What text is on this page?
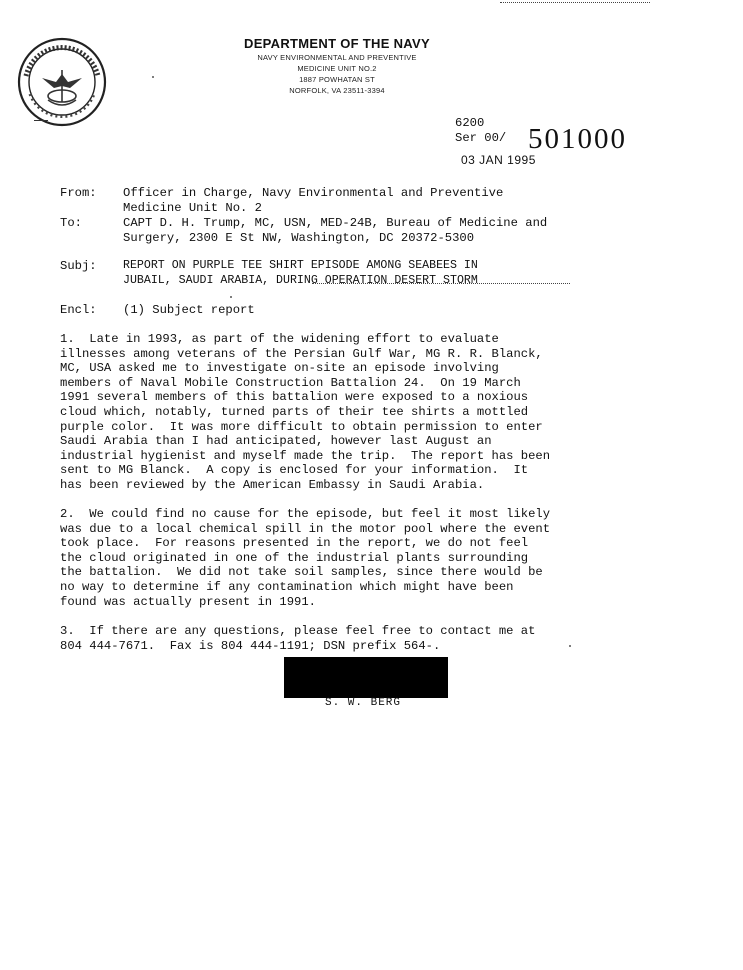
DEPARTMENT OF THE NAVY
NAVY ENVIRONMENTAL AND PREVENTIVE
MEDICINE UNIT NO.2
1887 POWHATAN ST
NORFOLK, VA 23511-3394
6200
Ser 00/ 501000
03 JAN 1995
From: Officer in Charge, Navy Environmental and Preventive
Medicine Unit No. 2
To:	CAPT D. H. Trump, MC, USN, MED-24B, Bureau of Medicine and
Surgery, 2300 E St NW, Washington, DC 20372-5300
Subj: REPORT ON PURPLE TEE SHIRT EPISODE AMONG SEABEES IN
JUBAIL, SAUDI ARABIA, DURING OPERATION DESERT STORM
Encl: (1) Subject report
1.  Late in 1993, as part of the widening effort to evaluate
illnesses among veterans of the Persian Gulf War, MG R. R. Blanck,
MC, USA asked me to investigate on-site an episode involving
members of Naval Mobile Construction Battalion 24.  On 19 March
1991 several members of this battalion were exposed to a noxious
cloud which, notably, turned parts of their tee shirts a mottled
purple color.  It was more difficult to obtain permission to enter
Saudi Arabia than I had anticipated, however last August an
industrial hygienist and myself made the trip.  The report has been
sent to MG Blanck.  A copy is enclosed for your information.  It
has been reviewed by the American Embassy in Saudi Arabia.
2.  We could find no cause for the episode, but feel it most likely
was due to a local chemical spill in the motor pool where the event
took place.  For reasons presented in the report, we do not feel
the cloud originated in one of the industrial plants surrounding
the battalion.  We did not take soil samples, since there would be
no way to determine if any contamination which might have been
found was actually present in 1991.
3.  If there are any questions, please feel free to contact me at
804 444-7671.  Fax is 804 444-1191; DSN prefix 564-.
S. W. BERG
